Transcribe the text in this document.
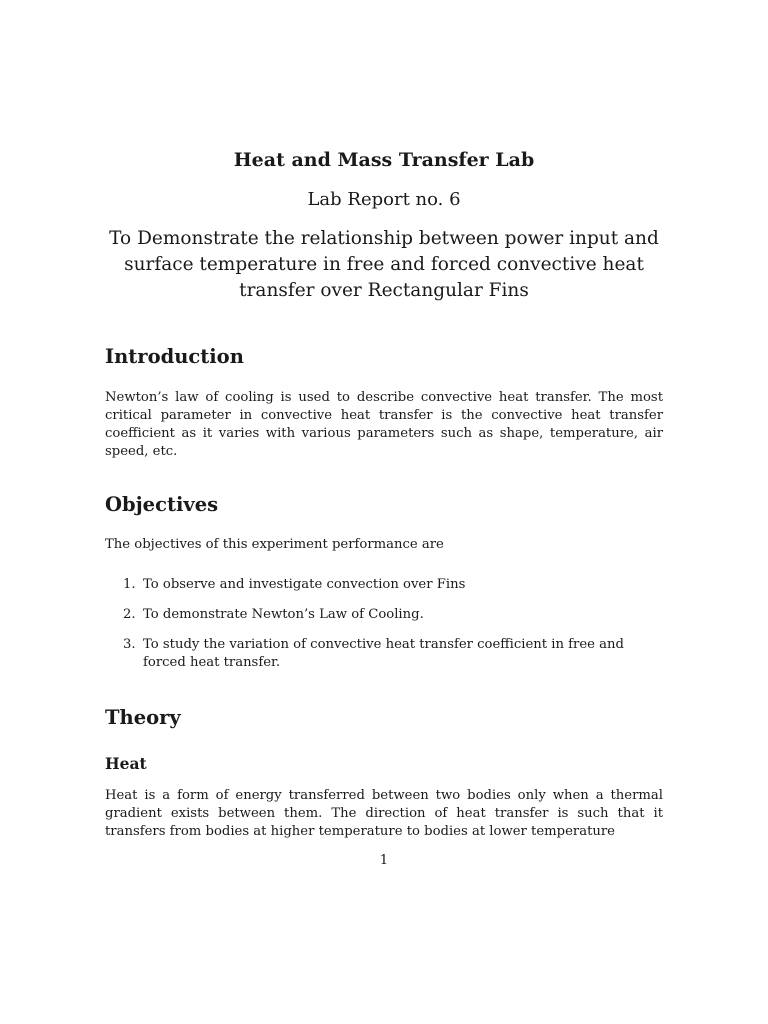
Heat and Mass Transfer Lab
Lab Report no. 6
To Demonstrate the relationship between power input and surface temperature in free and forced convective heat transfer over Rectangular Fins
Introduction

Newton’s law of cooling is used to describe convective heat transfer. The most critical parameter in convective heat transfer is the convective heat transfer coefficient as it varies with various parameters such as shape, temperature, air speed, etc.

Objectives

The objectives of this experiment performance are

1. To observe and investigate convection over Fins
2. To demonstrate Newton’s Law of Cooling.
3. To study the variation of convective heat transfer coefficient in free and forced heat transfer.
Theory
Heat

Heat is a form of energy transferred between two bodies only when a thermal gradient exists between them. The direction of heat transfer is such that it transfers from bodies at higher temperature to bodies at lower temperature

1
